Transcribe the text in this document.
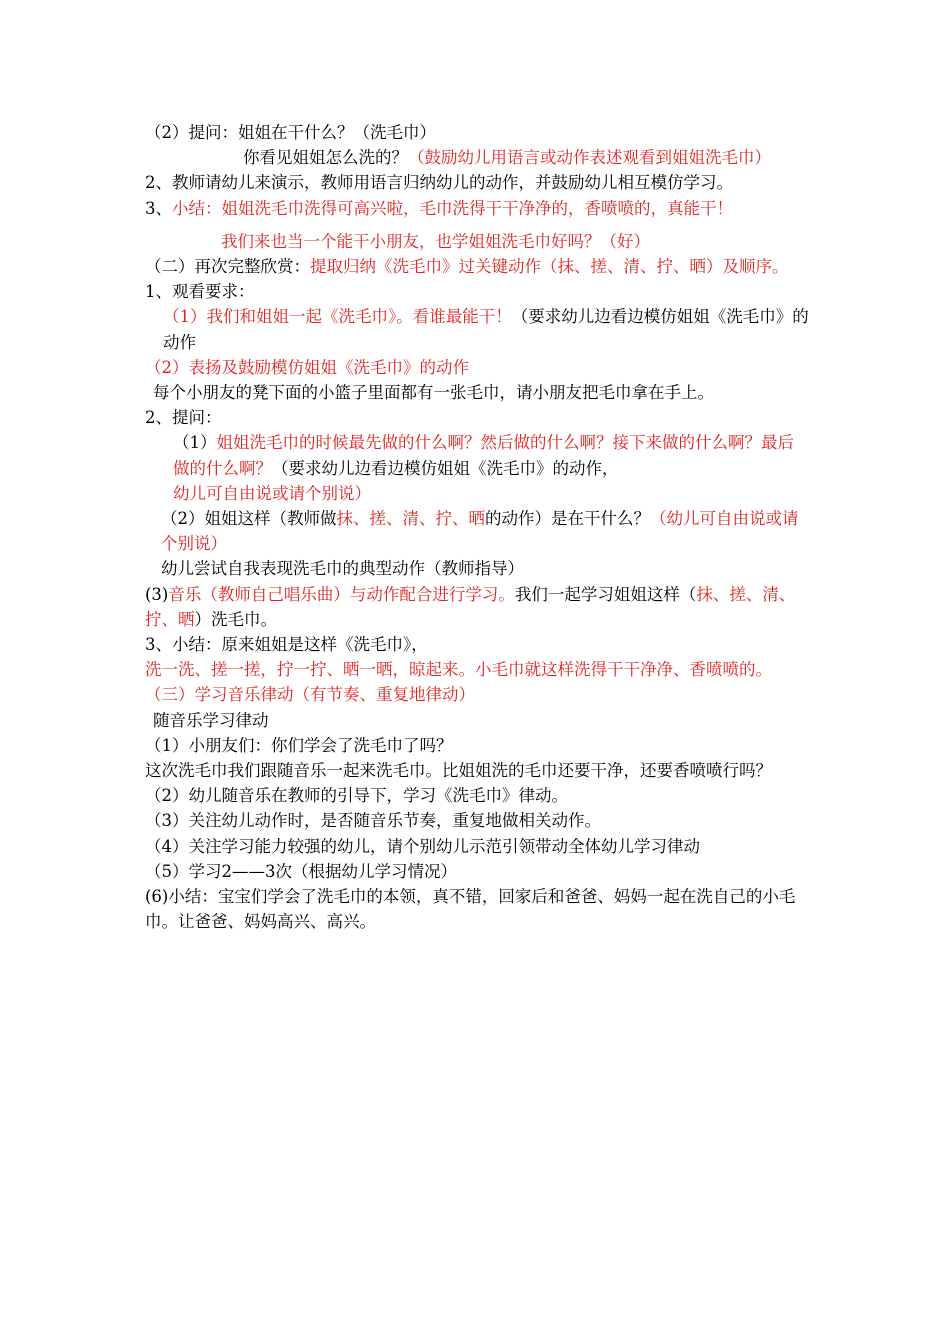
（2）提问：姐姐在干什么？（洗毛巾）
你看见姐姐怎么洗的？（鼓励幼儿用语言或动作表述观看到姐姐洗毛巾）
2、教师请幼儿来演示，教师用语言归纳幼儿的动作，并鼓励幼儿相互模仿学习。
3、小结：姐姐洗毛巾洗得可高兴啦，毛巾洗得干干净净的，香喷喷的，真能干！
我们来也当一个能干小朋友，也学姐姐洗毛巾好吗？（好）
（二）再次完整欣赏：提取归纳《洗毛巾》过关键动作（抹、搓、清、拧、晒）及顺序。
1、观看要求：
（1）我们和姐姐一起《洗毛巾》。看谁最能干！（要求幼儿边看边模仿姐姐《洗毛巾》的动作
（2）表扬及鼓励模仿姐姐《洗毛巾》的动作
每个小朋友的凳下面的小篮子里面都有一张毛巾，请小朋友把毛巾拿在手上。
2、提问：
（1）姐姐洗毛巾的时候最先做的什么啊？然后做的什么啊？接下来做的什么啊？最后做的什么啊？（要求幼儿边看边模仿姐姐《洗毛巾》的动作，幼儿可自由说或请个别说）
（2）姐姐这样（教师做抹、搓、清、拧、晒的动作）是在干什么？（幼儿可自由说或请个别说）
幼儿尝试自我表现洗毛巾的典型动作（教师指导）
(3)音乐（教师自己唱乐曲）与动作配合进行学习。我们一起学习姐姐这样（抹、搓、清、拧、晒）洗毛巾。
3、小结：原来姐姐是这样《洗毛巾》，
洗一洗、搓一搓，拧一拧、晒一晒，晾起来。小毛巾就这样洗得干干净净、香喷喷的。
（三）学习音乐律动（有节奏、重复地律动）
随音乐学习律动
（1）小朋友们：你们学会了洗毛巾了吗？
这次洗毛巾我们跟随音乐一起来洗毛巾。比姐姐洗的毛巾还要干净，还要香喷喷行吗？
（2）幼儿随音乐在教师的引导下，学习《洗毛巾》律动。
（3）关注幼儿动作时，是否随音乐节奏，重复地做相关动作。
（4）关注学习能力较强的幼儿，请个别幼儿示范引领带动全体幼儿学习律动
（5）学习2——3次（根据幼儿学习情况）
(6)小结：宝宝们学会了洗毛巾的本领，真不错，回家后和爸爸、妈妈一起在洗自己的小毛巾。让爸爸、妈妈高兴、高兴。
